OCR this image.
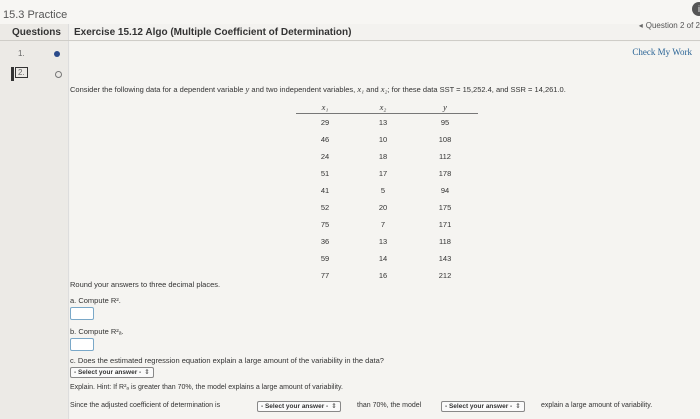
15.3 Practice	i
Questions Exercise 15.12 Algo (Multiple Coefficient of Determination)
◂ Question 2 of 2
Check My Work
1.
2.
Consider the following data for a dependent variable y and two independent variables, x₁ and x₂; for these data SST = 15,252.4, and SSR = 14,261.0.
x₁	x₂	y
29	13	95
46	10	108
24	18	112
51	17	178
41	5	94
52	20	175
75	7	171
36	13	118
59	14	143
77	16	212
Round your answers to three decimal places.
a. Compute R².
b. Compute R²ₐ.
c. Does the estimated regression equation explain a large amount of the variability in the data?
- Select your answer - ⇕
Explain. Hint: If R²ₐ is greater than 70%, the model explains a large amount of variability.
Since the adjusted coefficient of determination is	- Select your answer - ⇕	than 70%, the model	- Select your answer - ⇕	explain a large amount of variability.
